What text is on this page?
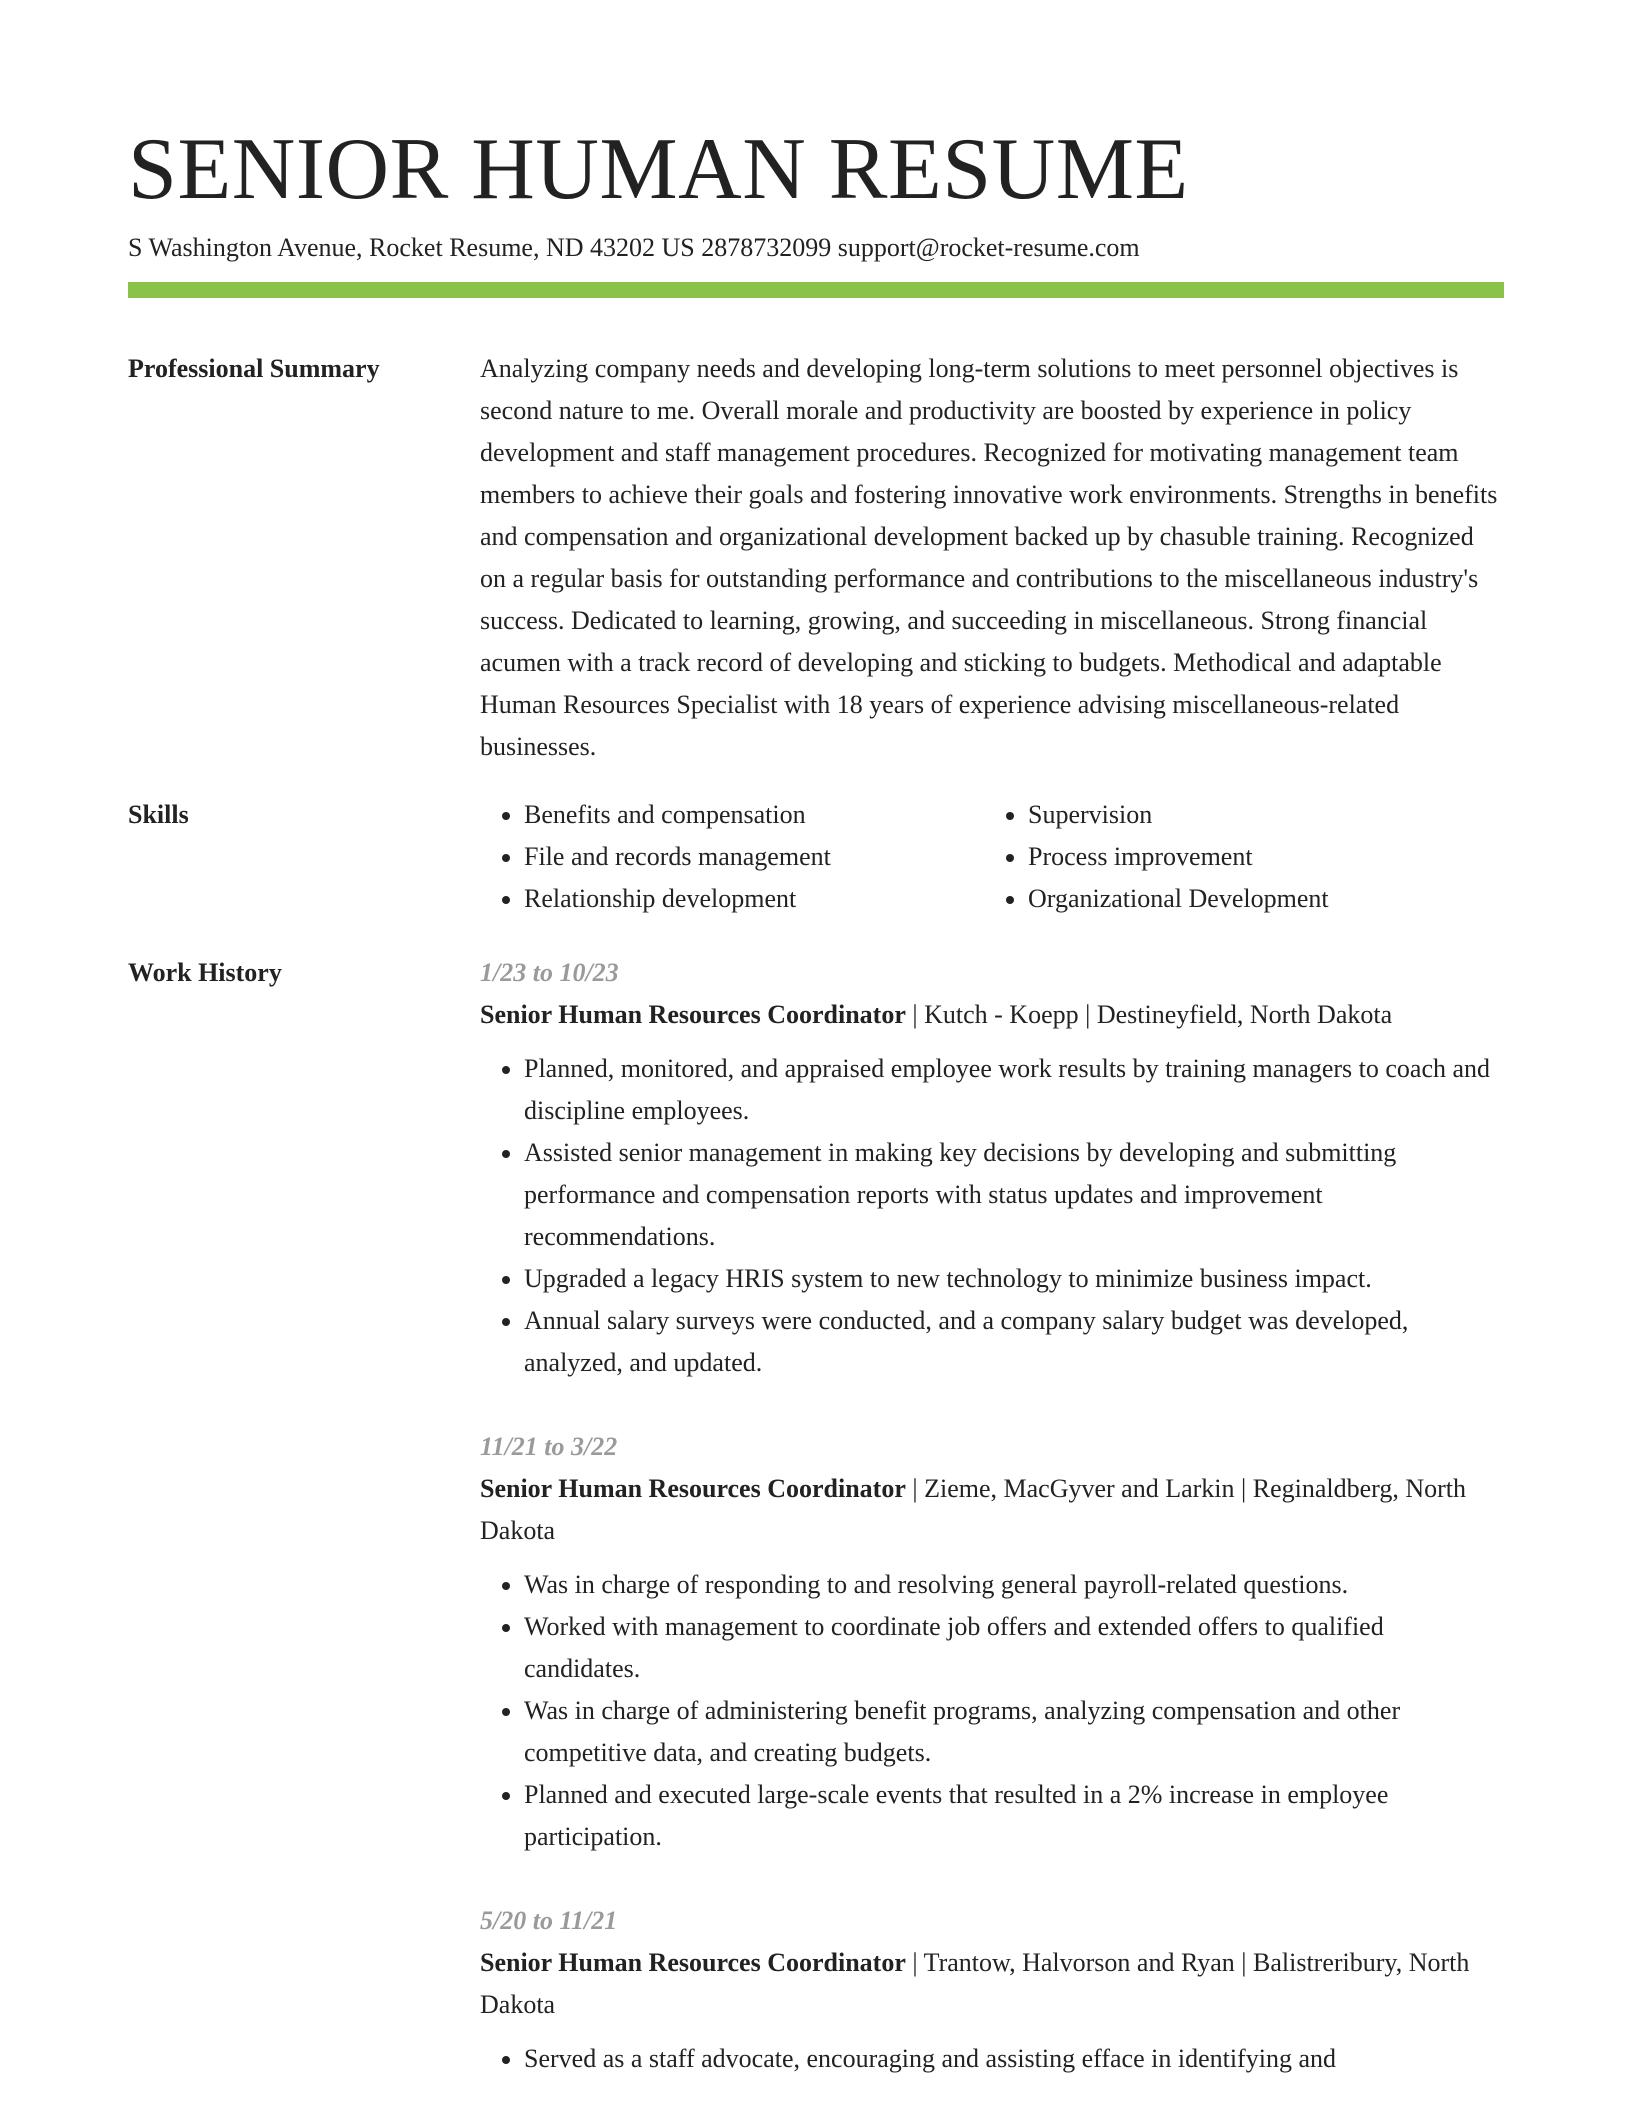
SENIOR HUMAN RESUME
S Washington Avenue, Rocket Resume, ND 43202 US 2878732099 support@rocket-resume.com
Professional Summary	Analyzing company needs and developing long-term solutions to meet personnel objectives is second nature to me. Overall morale and productivity are boosted by experience in policy development and staff management procedures. Recognized for motivating management team members to achieve their goals and fostering innovative work environments. Strengths in benefits and compensation and organizational development backed up by chasuble training. Recognized on a regular basis for outstanding performance and contributions to the miscellaneous industry's success. Dedicated to learning, growing, and succeeding in miscellaneous. Strong financial acumen with a track record of developing and sticking to budgets. Methodical and adaptable Human Resources Specialist with 18 years of experience advising miscellaneous-related businesses.

Skills
•	Benefits and compensation
• File and records management
• Relationship development
• Supervision
• Process improvement
• Organizational Development
Work History	1/23 to 10/23
Senior Human Resources Coordinator | Kutch - Koepp | Destineyfield, North Dakota
• Planned, monitored, and appraised employee work results by training managers to coach and discipline employees.
• Assisted senior management in making key decisions by developing and submitting performance and compensation reports with status updates and improvement recommendations.
• Upgraded a legacy HRIS system to new technology to minimize business impact.
• Annual salary surveys were conducted, and a company salary budget was developed, analyzed, and updated.
11/21 to 3/22
Senior Human Resources Coordinator | Zieme, MacGyver and Larkin | Reginaldberg, North Dakota
• Was in charge of responding to and resolving general payroll-related questions.
• Worked with management to coordinate job offers and extended offers to qualified candidates.
• Was in charge of administering benefit programs, analyzing compensation and other competitive data, and creating budgets.
• Planned and executed large-scale events that resulted in a 2% increase in employee participation.
5/20 to 11/21
Senior Human Resources Coordinator | Trantow, Halvorson and Ryan | Balistreribury, North Dakota
• Served as a staff advocate, encouraging and assisting efface in identifying and
